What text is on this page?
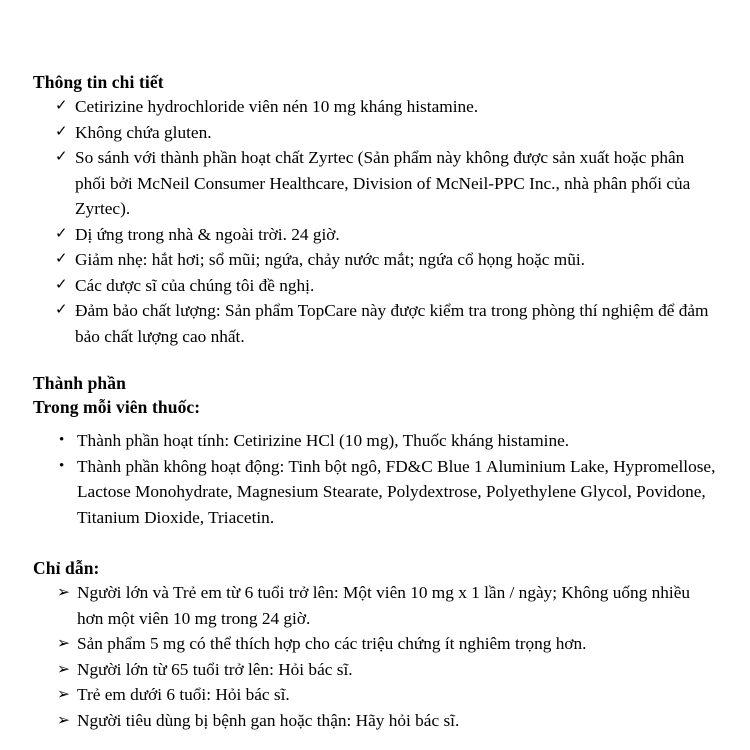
Thông tin chi tiết
✓ Cetirizine hydrochloride viên nén 10 mg kháng histamine.
✓ Không chứa gluten.
✓ So sánh với thành phần hoạt chất Zyrtec (Sản phẩm này không được sản xuất hoặc phân phối bởi McNeil Consumer Healthcare, Division of McNeil-PPC Inc., nhà phân phối của Zyrtec).
✓ Dị ứng trong nhà & ngoài trời. 24 giờ.
✓ Giảm nhẹ: hắt hơi; sổ mũi; ngứa, chảy nước mắt; ngứa cổ họng hoặc mũi.
✓ Các dược sĩ của chúng tôi đề nghị.
✓ Đảm bảo chất lượng: Sản phẩm TopCare này được kiểm tra trong phòng thí nghiệm để đảm bảo chất lượng cao nhất.
Thành phần
Trong mỗi viên thuốc:
• Thành phần hoạt tính: Cetirizine HCl (10 mg), Thuốc kháng histamine.
• Thành phần không hoạt động: Tinh bột ngô, FD&C Blue 1 Aluminium Lake, Hypromellose, Lactose Monohydrate, Magnesium Stearate, Polydextrose, Polyethylene Glycol, Povidone, Titanium Dioxide, Triacetin.
Chỉ dẫn:
➢ Người lớn và Trẻ em từ 6 tuổi trở lên: Một viên 10 mg x 1 lần / ngày; Không uống nhiều hơn một viên 10 mg trong 24 giờ.
➢ Sản phẩm 5 mg có thể thích hợp cho các triệu chứng ít nghiêm trọng hơn.
➢ Người lớn từ 65 tuổi trở lên: Hỏi bác sĩ.
➢ Trẻ em dưới 6 tuổi: Hỏi bác sĩ.
➢ Người tiêu dùng bị bệnh gan hoặc thận: Hãy hỏi bác sĩ.
